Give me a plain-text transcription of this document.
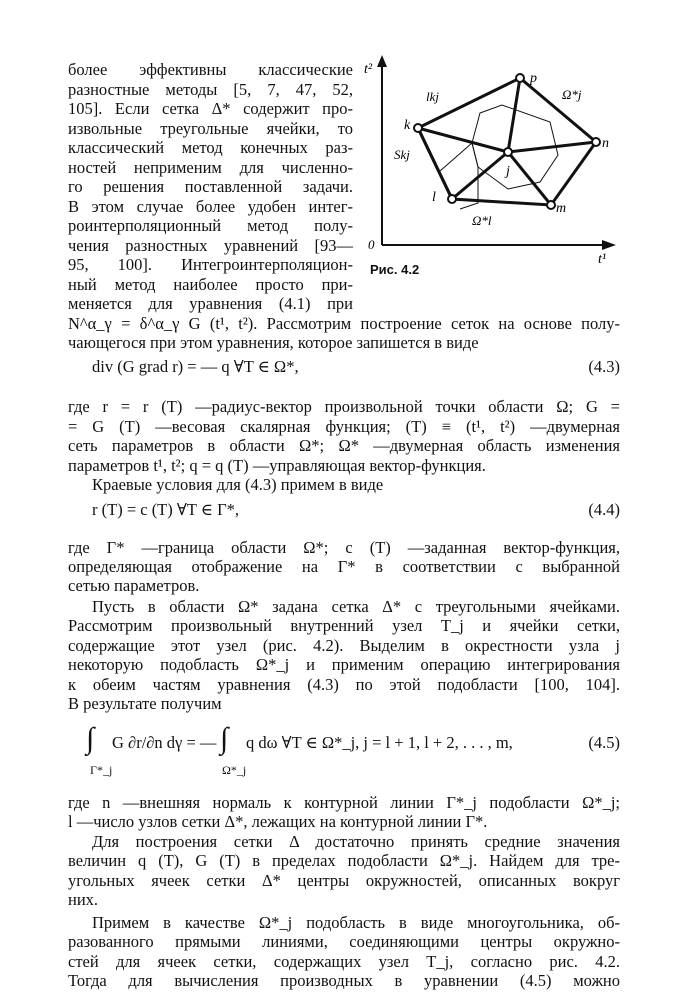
более эффективны классические
разностные методы [5, 7, 47, 52,
105]. Если сетка Δ* содержит про-
извольные треугольные ячейки, то
классический метод конечных раз-
ностей неприменим для численно-
го решения поставленной задачи.
В этом случае более удобен интег-
роинтерполяционный метод полу-
чения разностных уравнений [93—
95, 100]. Интегроинтерполяцион-
ный метод наиболее просто при-
меняется для уравнения (4.1) при
t²
t¹
0
p
k
n
l
m
j
lkj
Skj
Ω*j
Ω*l
Рис. 4.2
N^α_γ = δ^α_γ G (t¹, t²). Рассмотрим построение сеток на основе полу-
чающегося при этом уравнения, которое запишется в виде
div (G grad r) = — q ∀T ∈ Ω*,	(4.3)
где r = r (T) —радиус-вектор произвольной точки области Ω; G =
= G (T) —весовая скалярная функция; (T) ≡ (t¹, t²) —двумерная
сеть параметров в области Ω*; Ω* —двумерная область изменения
параметров t¹, t²; q = q (T) —управляющая вектор-функция.
Краевые условия для (4.3) примем в виде
r (T) = c (T) ∀T ∈ Γ*,	(4.4)
где Γ* —граница области Ω*; c (T) —заданная вектор-функция,
определяющая отображение на Γ* в соответствии с выбранной
сетью параметров.
Пусть в области Ω* задана сетка Δ* с треугольными ячейками.
Рассмотрим произвольный внутренний узел T_j и ячейки сетки,
содержащие этот узел (рис. 4.2). Выделим в окрестности узла j
некоторую подобласть Ω*_j и применим операцию интегрирования
к обеим частям уравнения (4.3) по этой подобласти [100, 104].
В результате получим
∫ G ∂r/∂n dγ = — ∫ q dω ∀T ∈ Ω*_j, j = l + 1, l + 2, . . . , m,
Γ*_j	Ω*_j
(4.5)
где n —внешняя нормаль к контурной линии Γ*_j подобласти Ω*_j;
l —число узлов сетки Δ*, лежащих на контурной линии Γ*.
Для построения сетки Δ достаточно принять средние значения
величин q (T), G (T) в пределах подобласти Ω*_j. Найдем для тре-
угольных ячеек сетки Δ* центры окружностей, описанных вокруг
них.
Примем в качестве Ω*_j подобласть в виде многоугольника, об-
разованного прямыми линиями, соединяющими центры окружно-
стей для ячеек сетки, содержащих узел T_j, согласно рис. 4.2.
Тогда для вычисления производных в уравнении (4.5) можно
